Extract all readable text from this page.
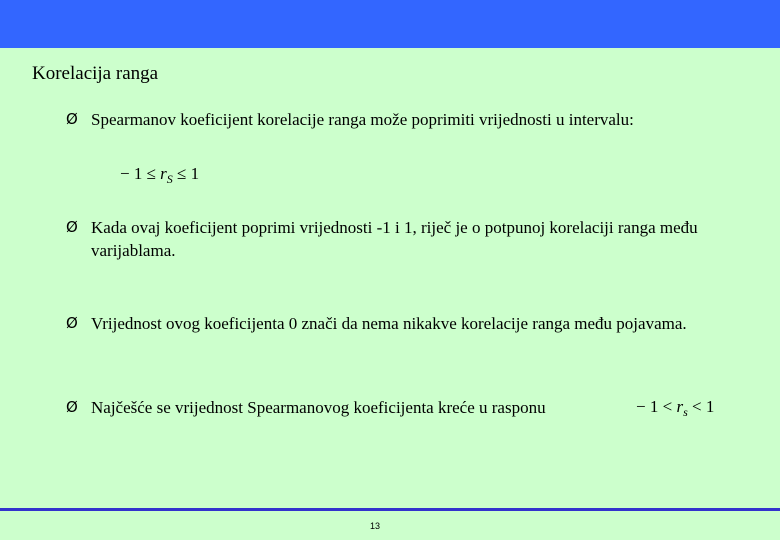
Korelacija ranga
Ø Spearmanov koeficijent korelacije ranga može poprimiti vrijednosti u intervalu:
− $1 \le r_S \le 1$
Ø Kada ovaj koeficijent poprimi vrijednosti -1 i 1, riječ je o potpunoj korelaciji ranga među varijablama.
Ø Vrijednost ovog koeficijenta 0 znači da nema nikakve korelacije ranga među pojavama.
Ø Najčešće se vrijednost Spearmanovog koeficijenta kreće u rasponu	− $1 < r_s < 1$
13
